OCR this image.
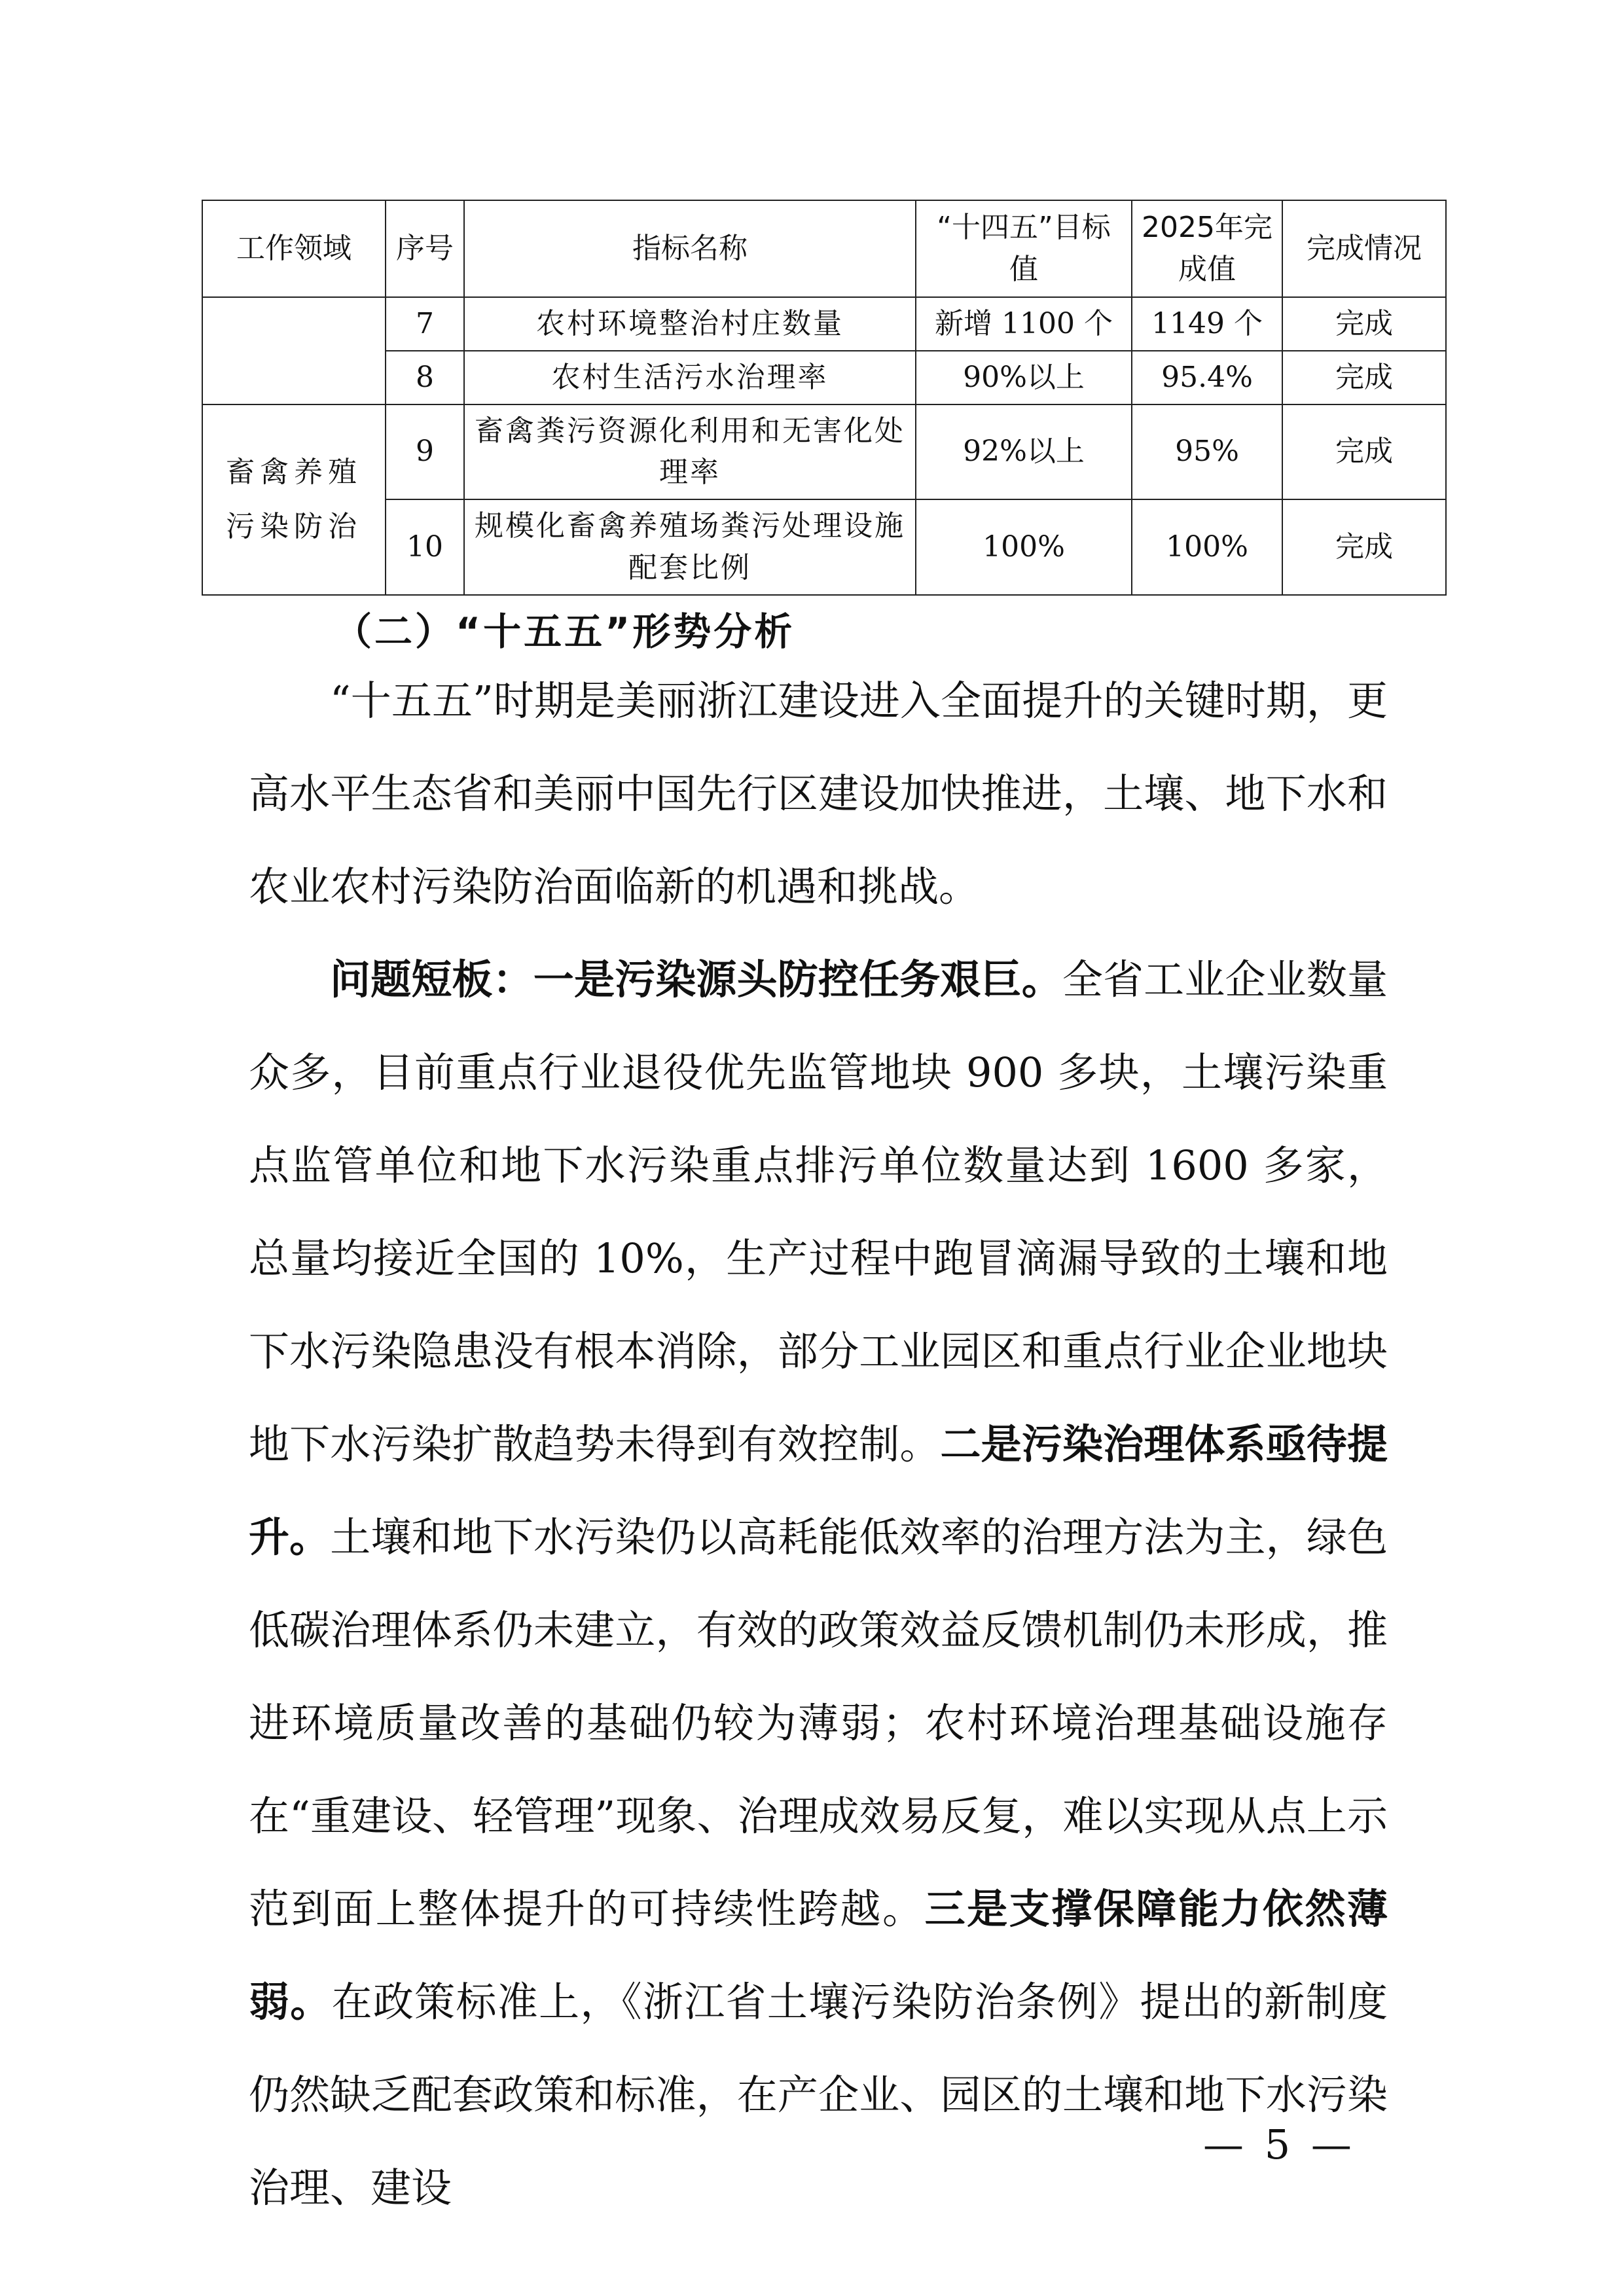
工作领域	序号	指标名称	“十四五”目标值	2025年完成值	完成情况
	7	农村环境整治村庄数量	新增 1100 个	1149 个	完成
	8	农村生活污水治理率	90%以上	95.4%	完成
畜禽养殖污染防治	9	畜禽粪污资源化利用和无害化处理率	92%以上	95%	完成
	10	规模化畜禽养殖场粪污处理设施配套比例	100%	100%	完成
（二）“十五五”形势分析

“十五五”时期是美丽浙江建设进入全面提升的关键时期，更高水平生态省和美丽中国先行区建设加快推进，土壤、地下水和农业农村污染防治面临新的机遇和挑战。

问题短板：一是污染源头防控任务艰巨。全省工业企业数量众多，目前重点行业退役优先监管地块 900 多块，土壤污染重点监管单位和地下水污染重点排污单位数量达到 1600 多家，总量均接近全国的 10%，生产过程中跑冒滴漏导致的土壤和地下水污染隐患没有根本消除，部分工业园区和重点行业企业地块地下水污染扩散趋势未得到有效控制。二是污染治理体系亟待提升。土壤和地下水污染仍以高耗能低效率的治理方法为主，绿色低碳治理体系仍未建立，有效的政策效益反馈机制仍未形成，推进环境质量改善的基础仍较为薄弱；农村环境治理基础设施存在“重建设、轻管理”现象、治理成效易反复，难以实现从点上示范到面上整体提升的可持续性跨越。三是支撑保障能力依然薄弱。在政策标准上，《浙江省土壤污染防治条例》提出的新制度仍然缺乏配套政策和标准，在产企业、园区的土壤和地下水污染治理、建设

— 5 —
